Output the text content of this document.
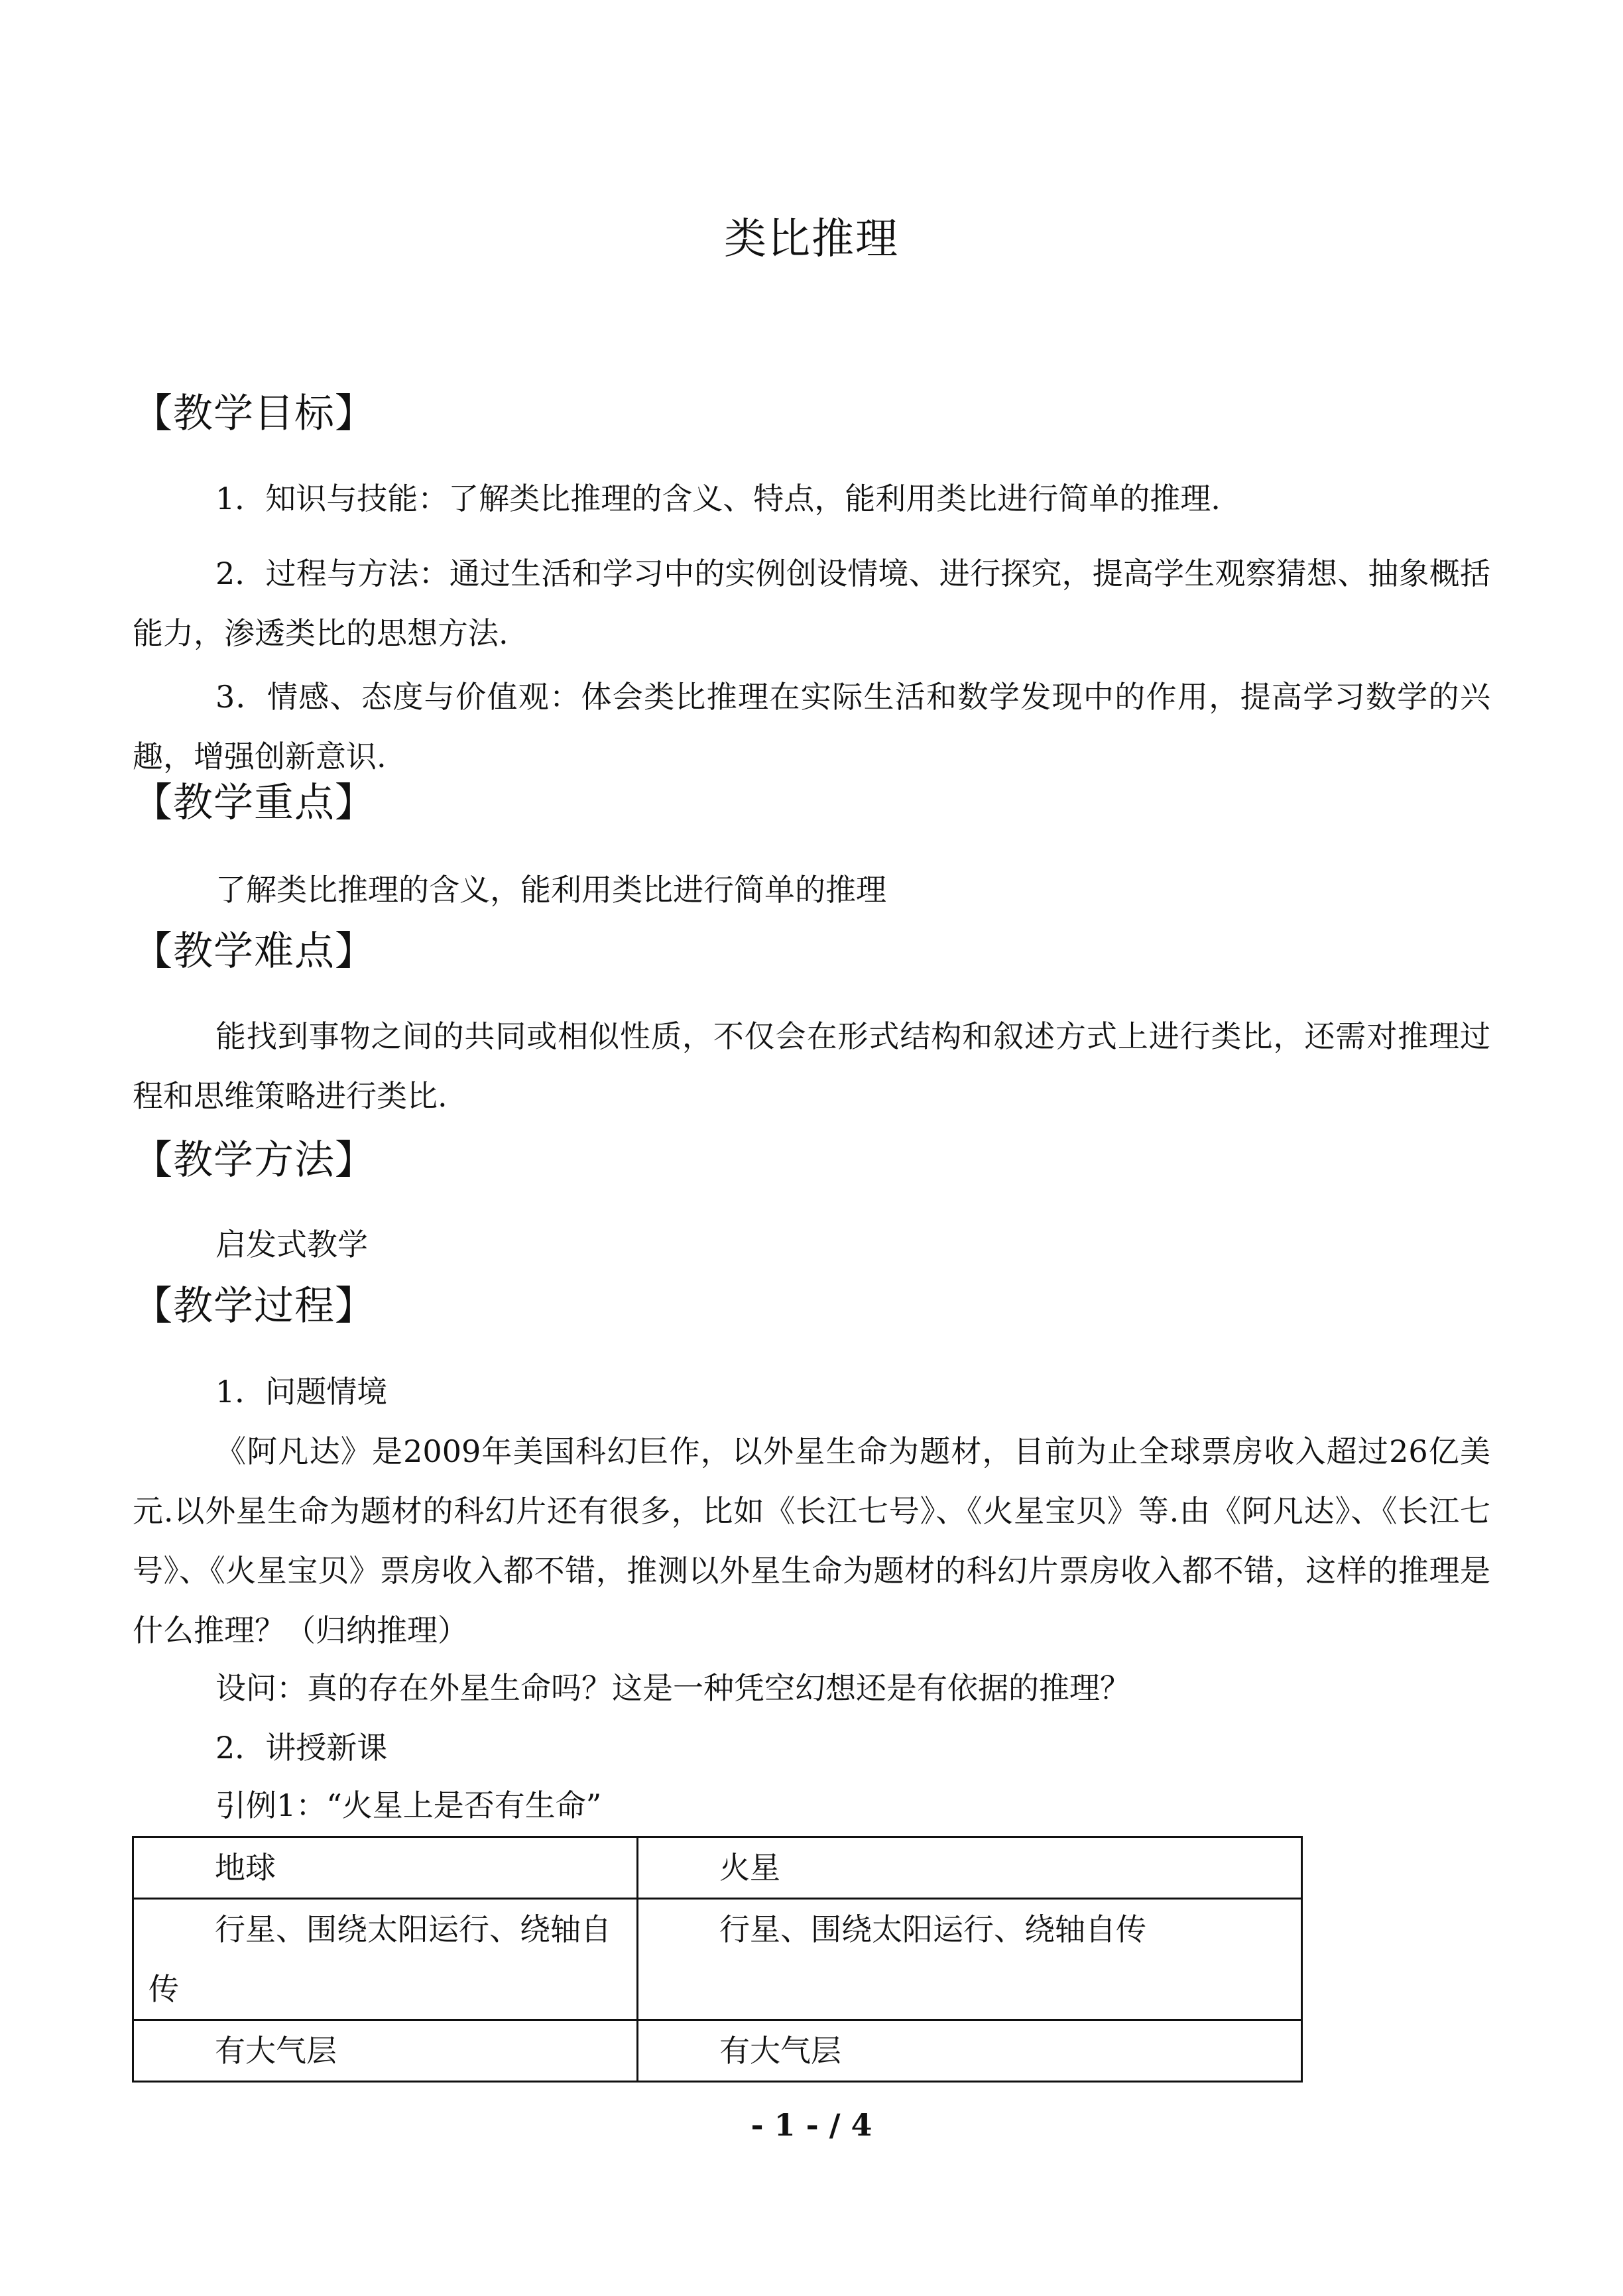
类比推理
【教学目标】
1．知识与技能：了解类比推理的含义、特点，能利用类比进行简单的推理.
2．过程与方法：通过生活和学习中的实例创设情境、进行探究，提高学生观察猜想、抽象概括能力，渗透类比的思想方法.
3．情感、态度与价值观：体会类比推理在实际生活和数学发现中的作用，提高学习数学的兴趣，增强创新意识.
【教学重点】
了解类比推理的含义，能利用类比进行简单的推理
【教学难点】
能找到事物之间的共同或相似性质，不仅会在形式结构和叙述方式上进行类比，还需对推理过程和思维策略进行类比.
【教学方法】
启发式教学
【教学过程】
1．问题情境
《阿凡达》是2009年美国科幻巨作，以外星生命为题材，目前为止全球票房收入超过26亿美元.以外星生命为题材的科幻片还有很多，比如《长江七号》、《火星宝贝》等.由《阿凡达》、《长江七号》、《火星宝贝》票房收入都不错，推测以外星生命为题材的科幻片票房收入都不错，这样的推理是什么推理？（归纳推理）
设问：真的存在外星生命吗？这是一种凭空幻想还是有依据的推理？
2．讲授新课
引例1：“火星上是否有生命”
地球	火星

行星、围绕太阳运行、绕轴自传	行星、围绕太阳运行、绕轴自传

有大气层	有大气层
- 1 - / 4
